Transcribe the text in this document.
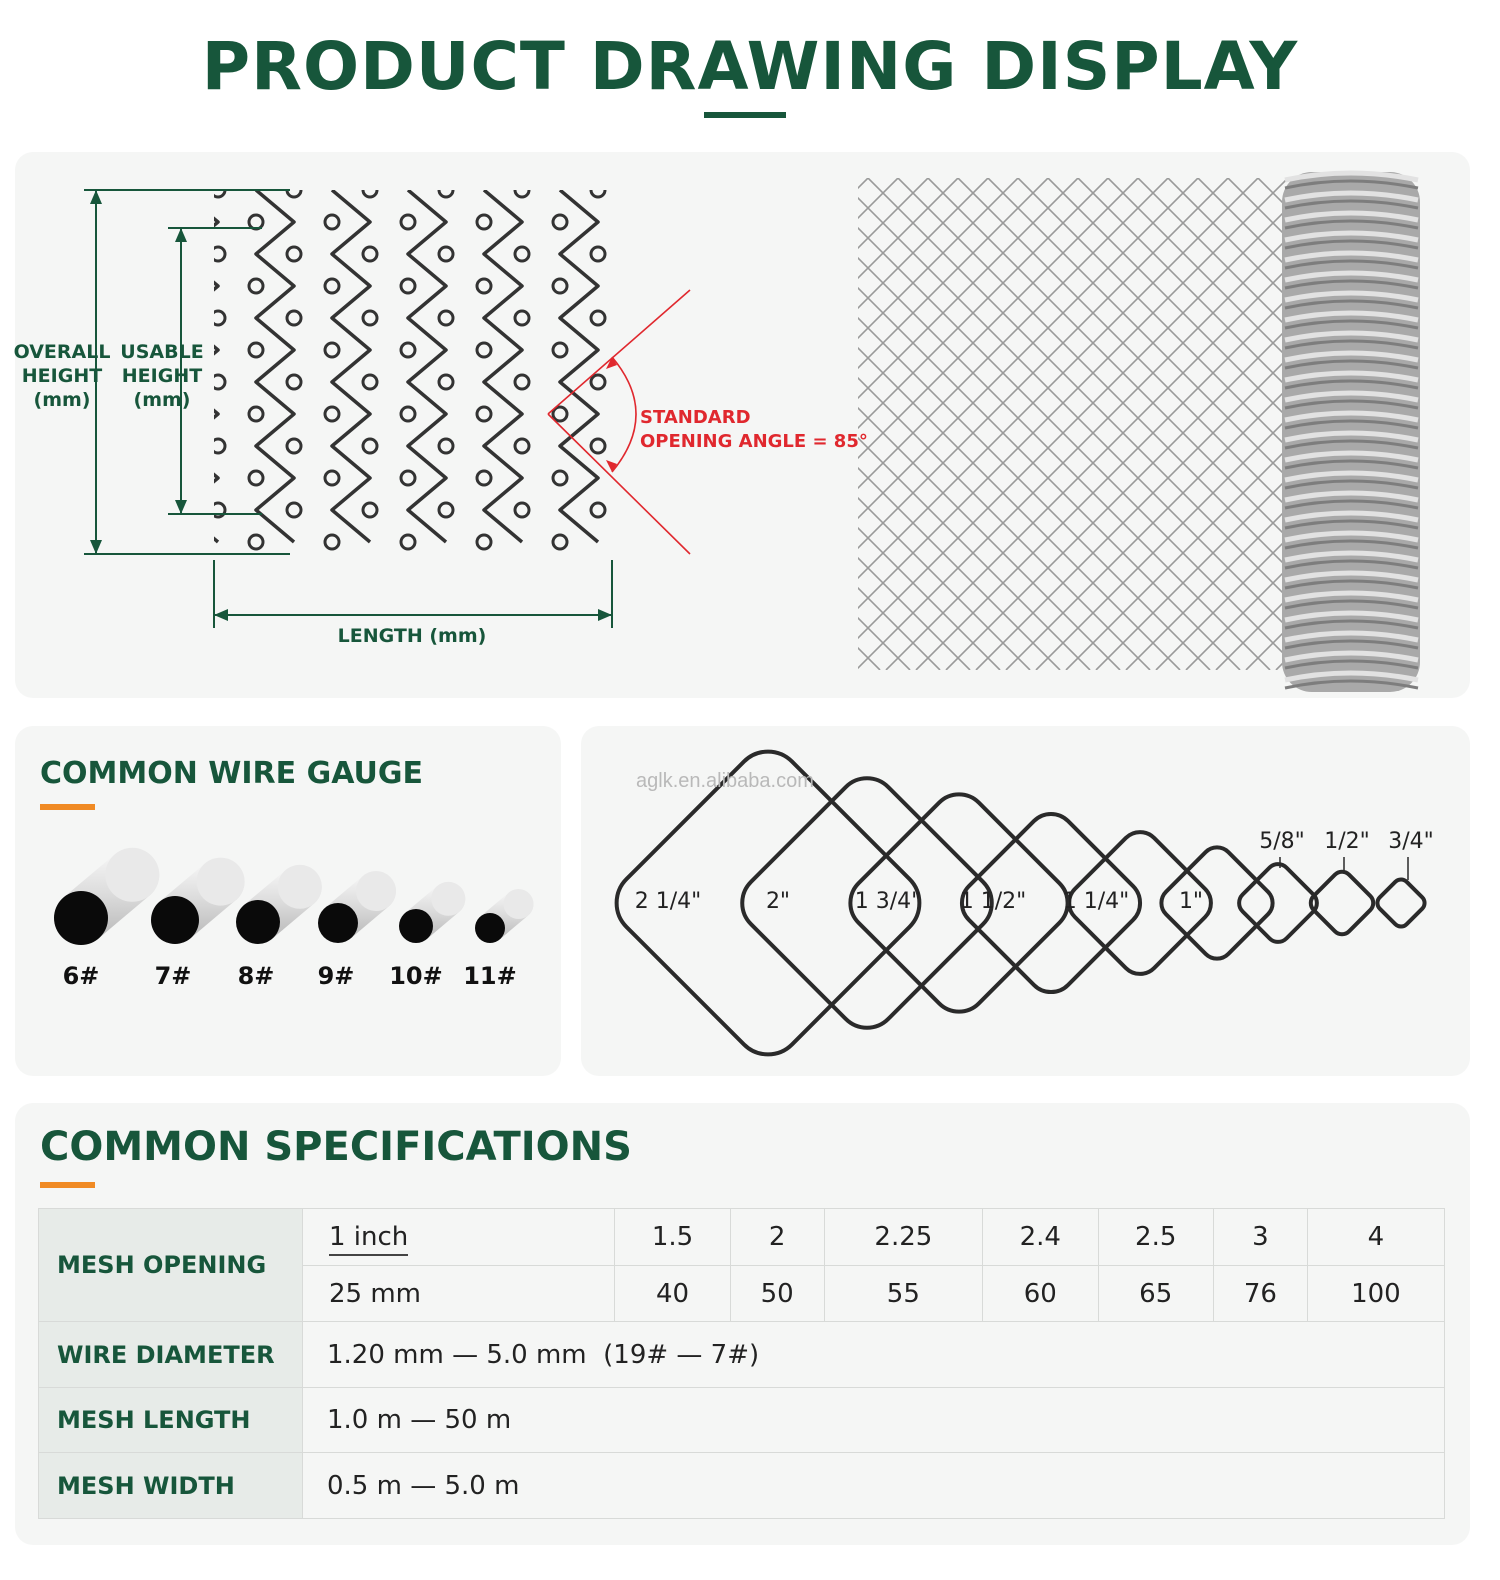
PRODUCT DRAWING DISPLAY
OVERALL
HEIGHT
(mm)
USABLE
HEIGHT
(mm)
LENGTH (mm)
STANDARD
OPENING ANGLE = 85°
COMMON WIRE GAUGE
6#	7#	8#	9#	10# 11#
aglk.en.alibaba.com
2 1/4"	2"	1 3/4" 1 1/2" 1 1/4" 1"
5/8" 1/2" 3/4"
COMMON SPECIFICATIONS
MESH OPENING	1 inch	1.5	2	2.25	2.4	2.5	3	4
	25 mm	40	50	55	60	65	76	100
WIRE DIAMETER	1.20 mm — 5.0 mm  (19# — 7#)							
MESH LENGTH	1.0 m — 50 m							
MESH WIDTH	0.5 m — 5.0 m							
